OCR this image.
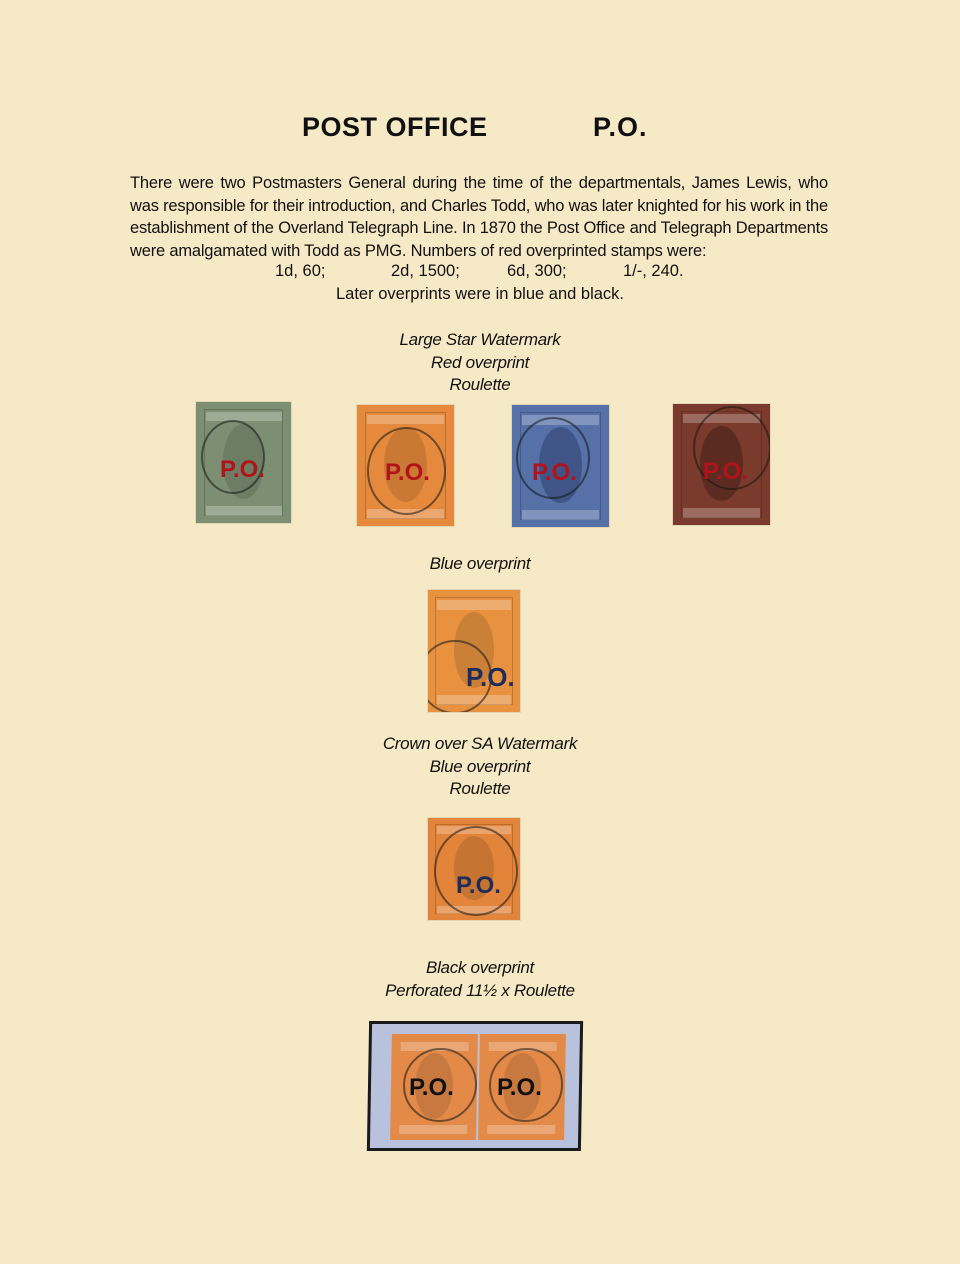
POST OFFICE	P.O.
There were two Postmasters General during the time of the departmentals, James Lewis, who was responsible for their introduction, and Charles Todd, who was later knighted for his work in the establishment of the Overland Telegraph Line. In 1870 the Post Office and Telegraph Departments were amalgamated with Todd as PMG. Numbers of red overprinted stamps were:
1d, 60;	2d, 1500;	6d, 300;	1/-, 240.
Later overprints were in blue and black.
Large Star Watermark
Red overprint
Roulette
P.O.	P.O.	P.O.	P.O.
Blue overprint
P.O.
Crown over SA Watermark
Blue overprint
Roulette
P.O.
Black overprint
Perforated 11½ x Roulette
P.O. P.O.
